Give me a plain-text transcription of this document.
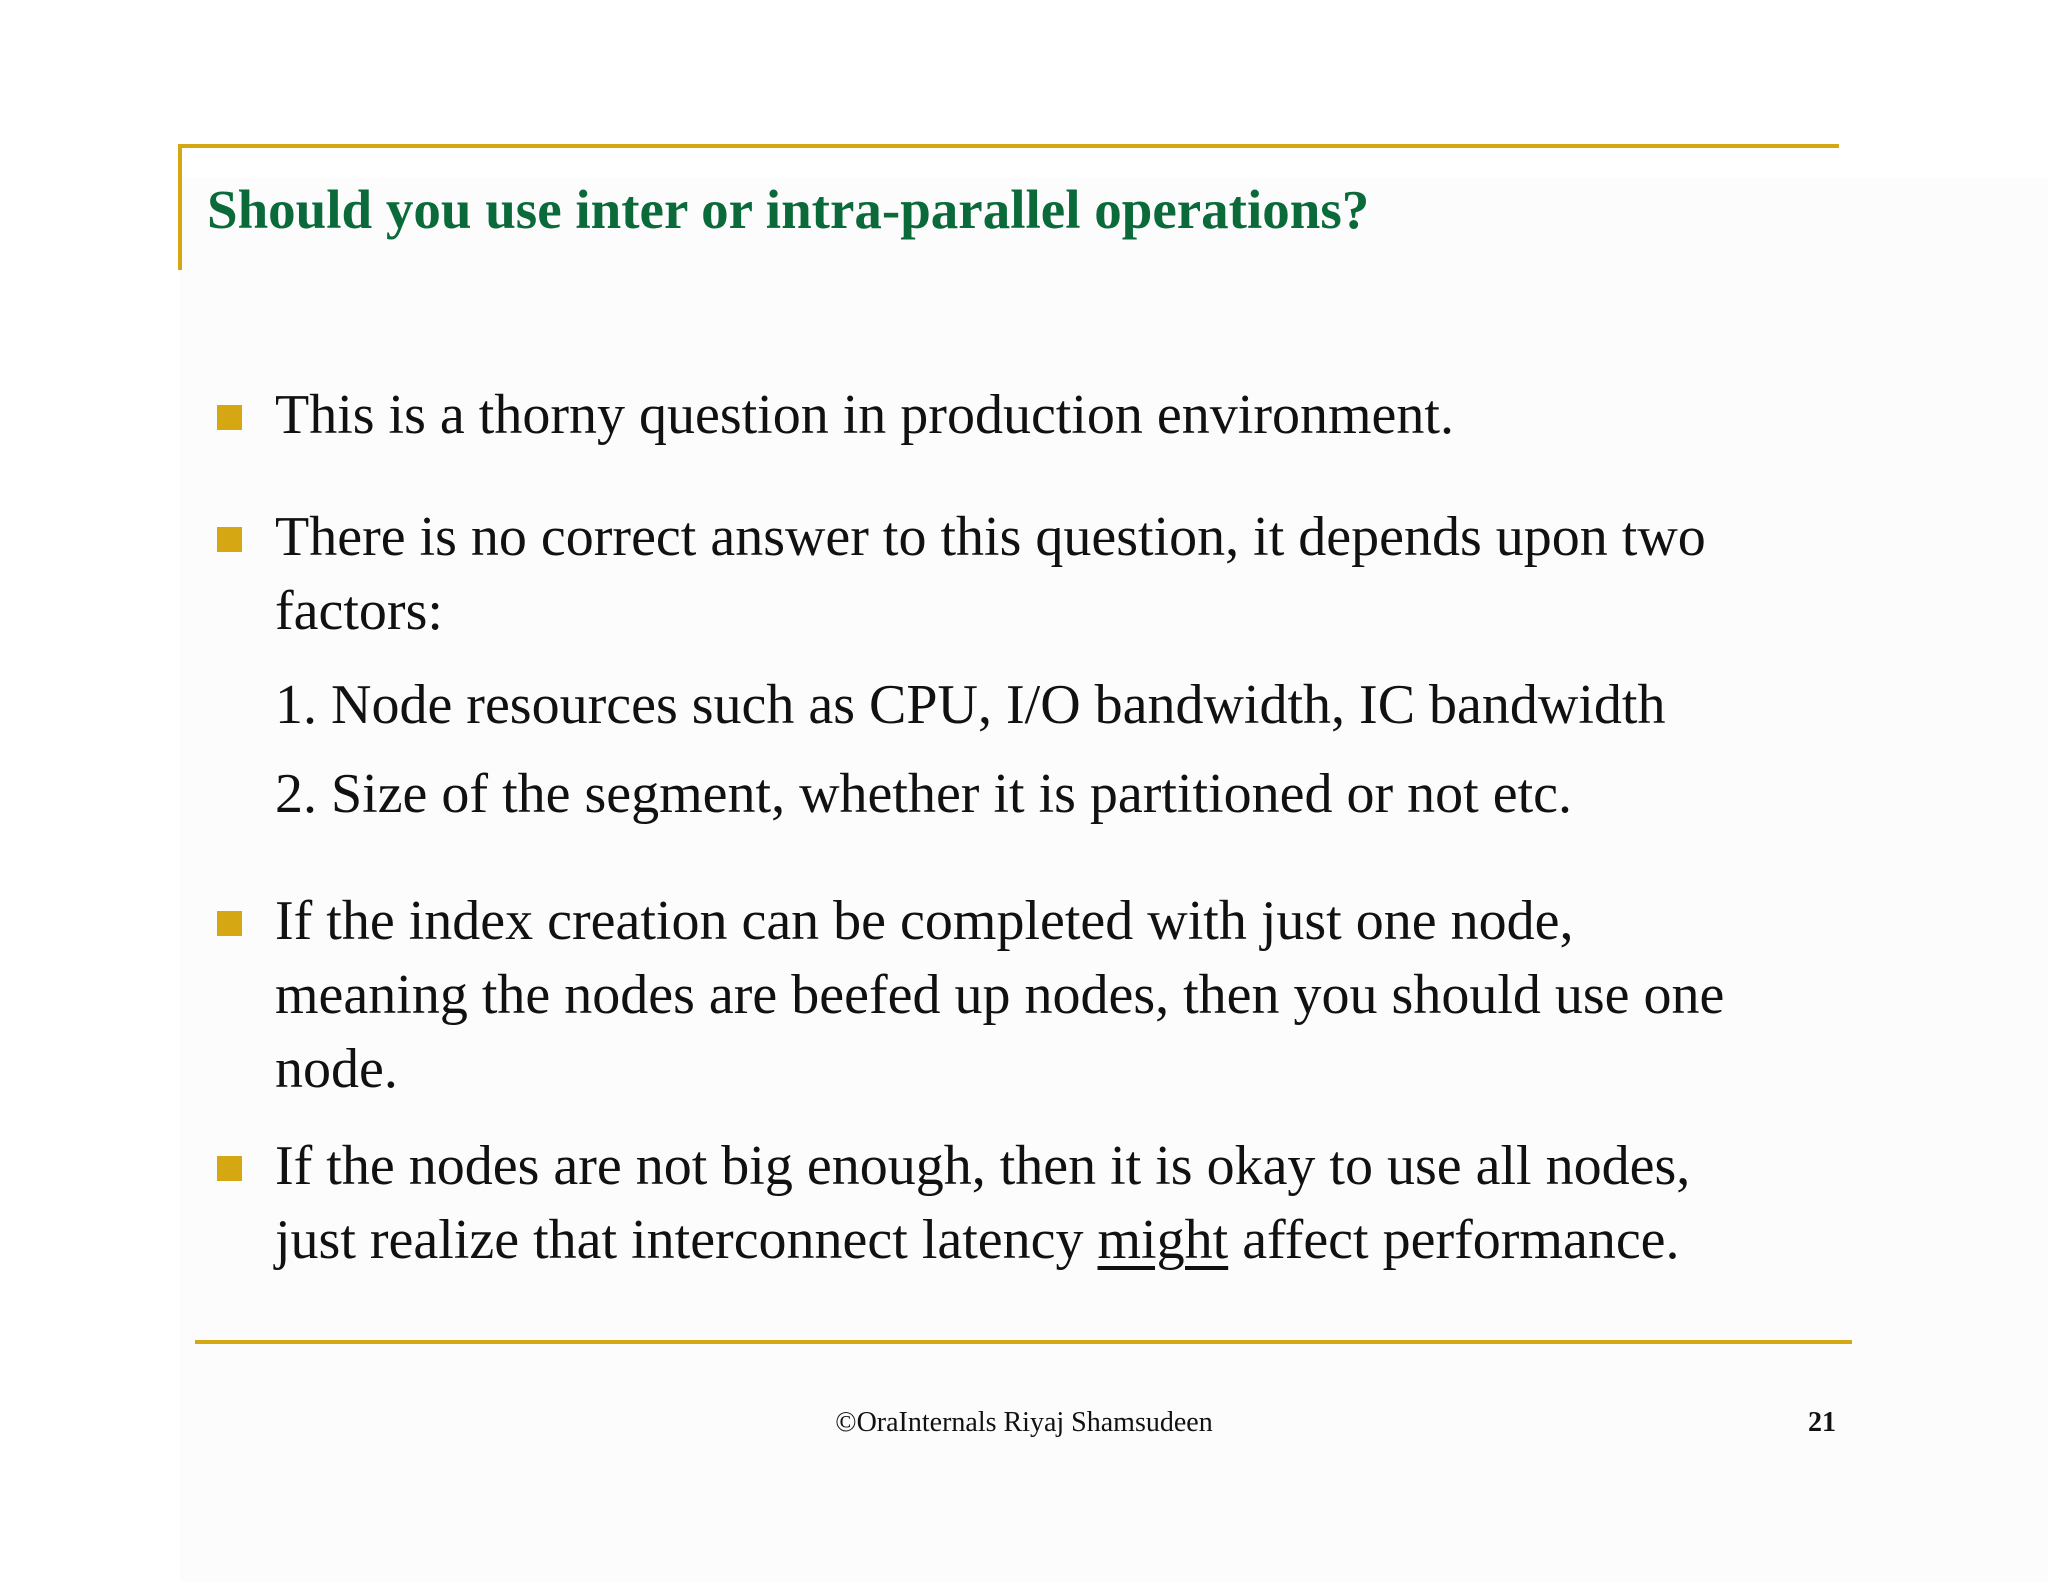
Should you use inter or intra-parallel operations?

This is a thorny question in production environment.

There is no correct answer to this question, it depends upon two
factors:

1. Node resources such as CPU, I/O bandwidth, IC bandwidth

2. Size of the segment, whether it is partitioned or not etc.

If the index creation can be completed with just one node,
meaning the nodes are beefed up nodes, then you should use one
node.

If the nodes are not big enough, then it is okay to use all nodes,
just realize that interconnect latency might affect performance.

©OraInternals Riyaj Shamsudeen	21
